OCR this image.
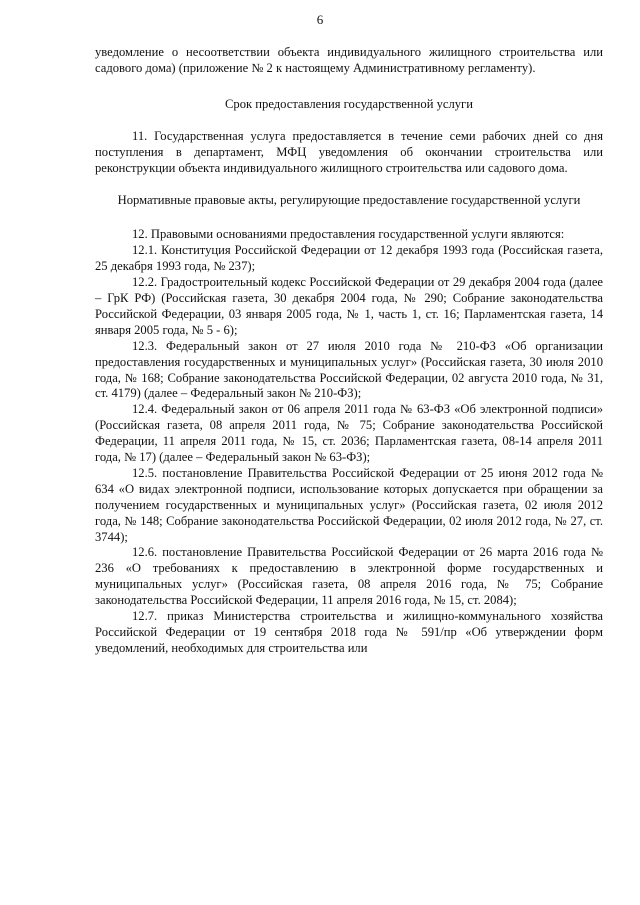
6

уведомление о несоответствии объекта индивидуального жилищного строительства или садового дома) (приложение № 2 к настоящему Административному регламенту).

Срок предоставления государственной услуги

11. Государственная услуга предоставляется в течение семи рабочих дней со дня поступления в департамент, МФЦ уведомления об окончании строительства или реконструкции объекта индивидуального жилищного строительства или садового дома.

Нормативные правовые акты, регулирующие предоставление государственной услуги

12. Правовыми основаниями предоставления государственной услуги являются:

12.1. Конституция Российской Федерации от 12 декабря 1993 года (Российская газета, 25 декабря 1993 года, № 237);

12.2. Градостроительный кодекс Российской Федерации от 29 декабря 2004 года (далее – ГрК РФ) (Российская газета, 30 декабря 2004 года, № 290; Собрание законодательства Российской Федерации, 03 января 2005 года, № 1, часть 1, ст. 16; Парламентская газета, 14 января 2005 года, № 5 - 6);

12.3. Федеральный закон от 27 июля 2010 года № 210-ФЗ «Об организации предоставления государственных и муниципальных услуг» (Российская газета, 30 июля 2010 года, № 168; Собрание законодательства Российской Федерации, 02 августа 2010 года, № 31, ст. 4179) (далее – Федеральный закон № 210-ФЗ);

12.4. Федеральный закон от 06 апреля 2011 года № 63-ФЗ «Об электронной подписи» (Российская газета, 08 апреля 2011 года, № 75; Собрание законодательства Российской Федерации, 11 апреля 2011 года, № 15, ст. 2036; Парламентская газета, 08-14 апреля 2011 года, № 17) (далее – Федеральный закон № 63-ФЗ);

12.5. постановление Правительства Российской Федерации от 25 июня 2012 года № 634 «О видах электронной подписи, использование которых допускается при обращении за получением государственных и муниципальных услуг» (Российская газета, 02 июля 2012 года, № 148; Собрание законодательства Российской Федерации, 02 июля 2012 года, № 27, ст. 3744);

12.6. постановление Правительства Российской Федерации от 26 марта 2016 года № 236 «О требованиях к предоставлению в электронной форме государственных и муниципальных услуг» (Российская газета, 08 апреля 2016 года, № 75; Собрание законодательства Российской Федерации, 11 апреля 2016 года, № 15, ст. 2084);

12.7. приказ Министерства строительства и жилищно-коммунального хозяйства Российской Федерации от 19 сентября 2018 года № 591/пр «Об утверждении форм уведомлений, необходимых для строительства или
